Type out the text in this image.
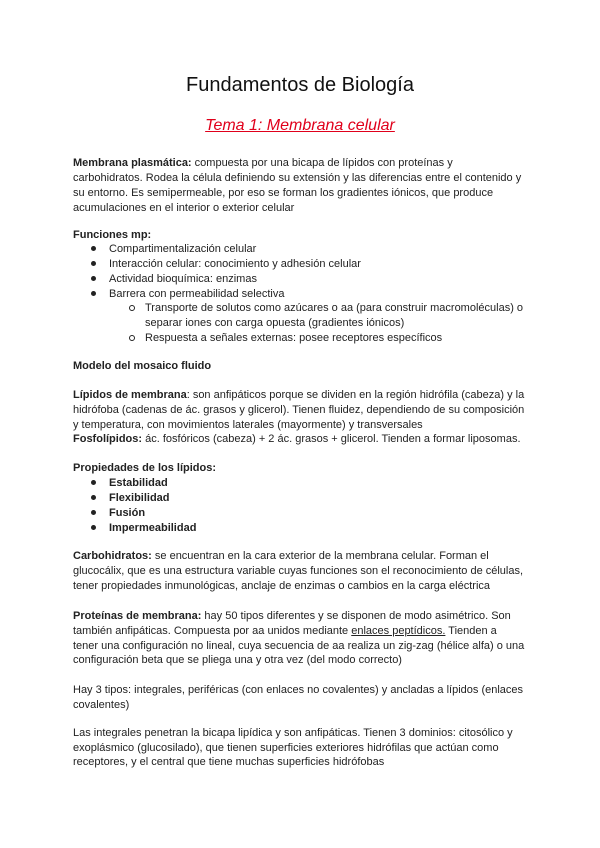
Fundamentos de Biología
Tema 1: Membrana celular
Membrana plasmática: compuesta por una bicapa de lípidos con proteínas y
carbohidratos. Rodea la célula definiendo su extensión y las diferencias entre el contenido y
su entorno. Es semipermeable, por eso se forman los gradientes iónicos, que produce
acumulaciones en el interior o exterior celular
Funciones mp:
Compartimentalización celular
Interacción celular: conocimiento y adhesión celular
Actividad bioquímica: enzimas
Barrera con permeabilidad selectiva
Transporte de solutos como azúcares o aa (para construir macromoléculas) o
separar iones con carga opuesta (gradientes iónicos)
Respuesta a señales externas: posee receptores específicos
Modelo del mosaico fluido
Lípidos de membrana: son anfipáticos porque se dividen en la región hidrófila (cabeza) y la
hidrófoba (cadenas de ác. grasos y glicerol). Tienen fluidez, dependiendo de su composición
y temperatura, con movimientos laterales (mayormente) y transversales
Fosfolípidos: ác. fosfóricos (cabeza) + 2 ác. grasos + glicerol. Tienden a formar liposomas.
Propiedades de los lípidos:
Estabilidad
Flexibilidad
Fusión
Impermeabilidad
Carbohidratos: se encuentran en la cara exterior de la membrana celular. Forman el
glucocálix, que es una estructura variable cuyas funciones son el reconocimiento de células,
tener propiedades inmunológicas, anclaje de enzimas o cambios en la carga eléctrica
Proteínas de membrana: hay 50 tipos diferentes y se disponen de modo asimétrico. Son
también anfipáticas. Compuesta por aa unidos mediante enlaces peptídicos. Tienden a
tener una configuración no lineal, cuya secuencia de aa realiza un zig-zag (hélice alfa) o una
configuración beta que se pliega una y otra vez (del modo correcto)
Hay 3 tipos: integrales, periféricas (con enlaces no covalentes) y ancladas a lípidos (enlaces
covalentes)
Las integrales penetran la bicapa lipídica y son anfipáticas. Tienen 3 dominios: citosólico y
exoplásmico (glucosilado), que tienen superficies exteriores hidrófilas que actúan como
receptores, y el central que tiene muchas superficies hidrófobas
